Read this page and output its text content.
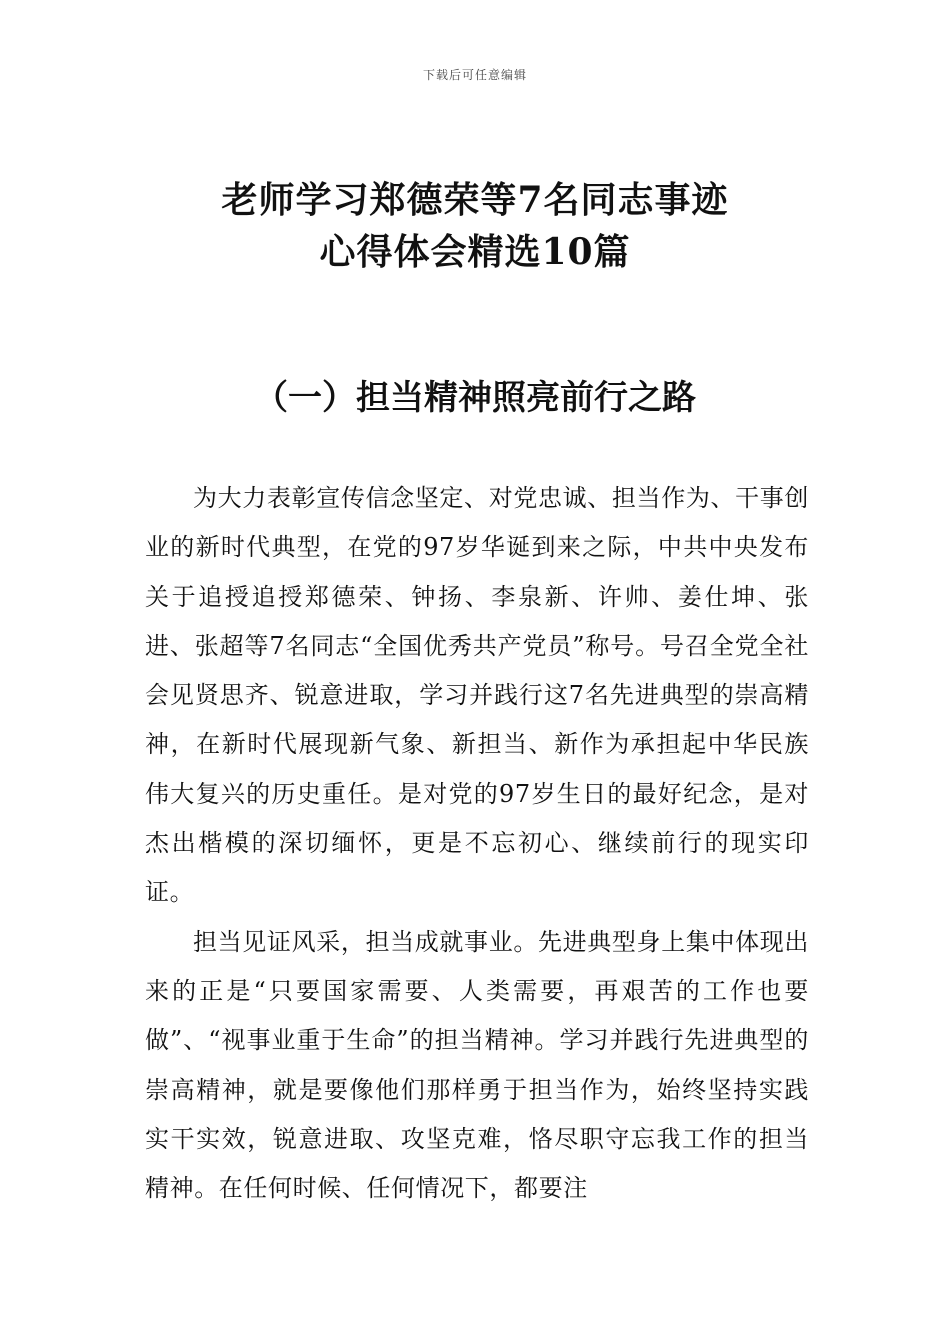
下载后可任意编辑
老师学习郑德荣等7名同志事迹
心得体会精选10篇
（一）担当精神照亮前行之路

为大力表彰宣传信念坚定、对党忠诚、担当作为、干事创业的新时代典型，在党的97岁华诞到来之际，中共中央发布关于追授追授郑德荣、钟扬、李泉新、许帅、姜仕坤、张进、张超等7名同志“全国优秀共产党员”称号。号召全党全社会见贤思齐、锐意进取，学习并践行这7名先进典型的崇高精神，在新时代展现新气象、新担当、新作为承担起中华民族伟大复兴的历史重任。是对党的97岁生日的最好纪念，是对杰出楷模的深切缅怀，更是不忘初心、继续前行的现实印证。

担当见证风采，担当成就事业。先进典型身上集中体现出来的正是“只要国家需要、人类需要，再艰苦的工作也要做”、“视事业重于生命”的担当精神。学习并践行先进典型的崇高精神，就是要像他们那样勇于担当作为，始终坚持实践实干实效，锐意进取、攻坚克难，恪尽职守忘我工作的担当精神。在任何时候、任何情况下，都要注
